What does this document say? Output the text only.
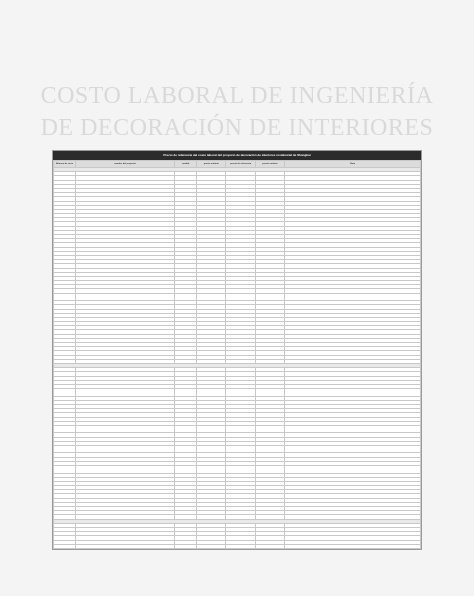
COSTO LABORAL DE INGENIERÍA
DE DECORACIÓN DE INTERIORES
Precio de referencia del costo laboral del proyecto de decoración de interiores residencial de Shanghai
Número de serie	nombre del proyecto	unidad	precio unitario	precio de referencia	precio unitario	Nota
